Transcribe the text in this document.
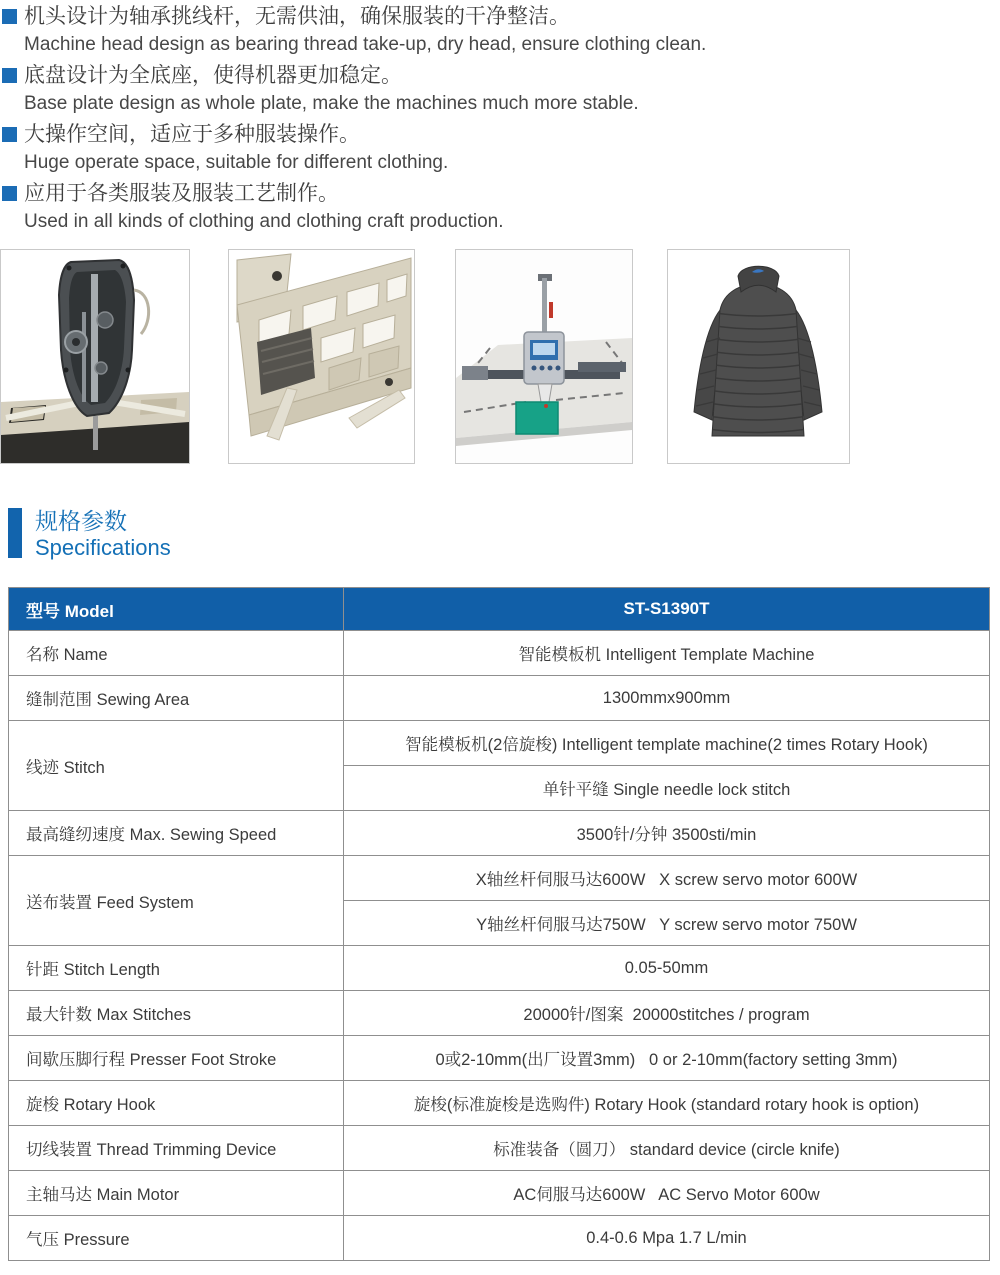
机头设计为轴承挑线杆，无需供油，确保服装的干净整洁。
Machine head design as bearing thread take-up, dry head, ensure clothing clean.
底盘设计为全底座，使得机器更加稳定。
Base plate design as whole plate, make the machines much more stable.
大操作空间，适应于多种服装操作。
Huge operate space, suitable for different clothing.
应用于各类服装及服装工艺制作。
Used in all kinds of clothing and clothing craft production.
规格参数
Specifications
型号 Model	ST-S1390T
名称 Name	智能模板机 Intelligent Template Machine
缝制范围 Sewing Area	1300mmx900mm
线迹 Stitch	智能模板机(2倍旋梭) Intelligent template machine(2 times Rotary Hook)
	单针平缝 Single needle lock stitch
最高缝纫速度 Max. Sewing Speed	3500针/分钟 3500sti/min
送布装置 Feed System	X轴丝杆伺服马达600W   X screw servo motor 600W
	Y轴丝杆伺服马达750W   Y screw servo motor 750W
针距 Stitch Length	0.05-50mm
最大针数 Max Stitches	20000针/图案  20000stitches / program
间歇压脚行程 Presser Foot Stroke	0或2-10mm(出厂设置3mm)   0 or 2-10mm(factory setting 3mm)
旋梭 Rotary Hook	旋梭(标准旋梭是选购件) Rotary Hook (standard rotary hook is option)
切线装置 Thread Trimming Device	标准装备（圆刀） standard device (circle knife)
主轴马达 Main Motor	AC伺服马达600W   AC Servo Motor 600w
气压 Pressure	0.4-0.6 Mpa 1.7 L/min
